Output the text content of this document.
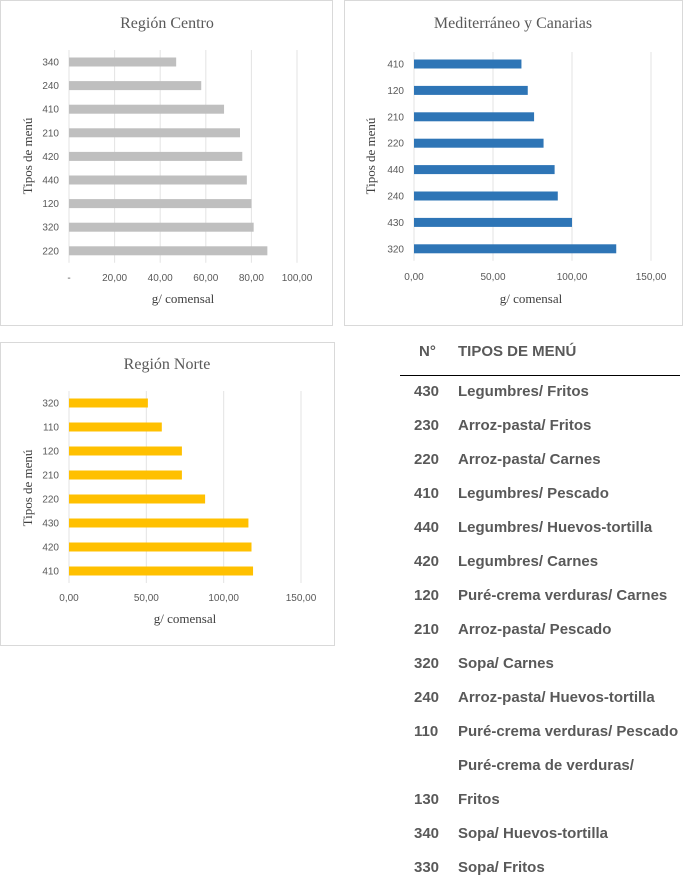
-	20,00 40,00 60,00 80,00 100,00
340
240
410
210
420
440
120
320
220
Región Centro
Tipos de menú
g/ comensal
0,00	50,00	100,00	150,00
410
120
210
220
440
240
430
320
Mediterráneo y Canarias
Tipos de menú
g/ comensal
0,00	50,00	100,00	150,00
320
110
120
210
220
430
420
410
Región Norte
Tipos de menú
g/ comensal
N° TIPOS DE MENÚ
430 Legumbres/ Fritos
230 Arroz-pasta/ Fritos
220 Arroz-pasta/ Carnes
410 Legumbres/ Pescado
440 Legumbres/ Huevos-tortilla
420 Legumbres/ Carnes
120 Puré-crema verduras/ Carnes
210 Arroz-pasta/ Pescado
320 Sopa/ Carnes
240 Arroz-pasta/ Huevos-tortilla
110 Puré-crema verduras/ Pescado
Puré-crema de verduras/
130 Fritos
340 Sopa/ Huevos-tortilla
330 Sopa/ Fritos
